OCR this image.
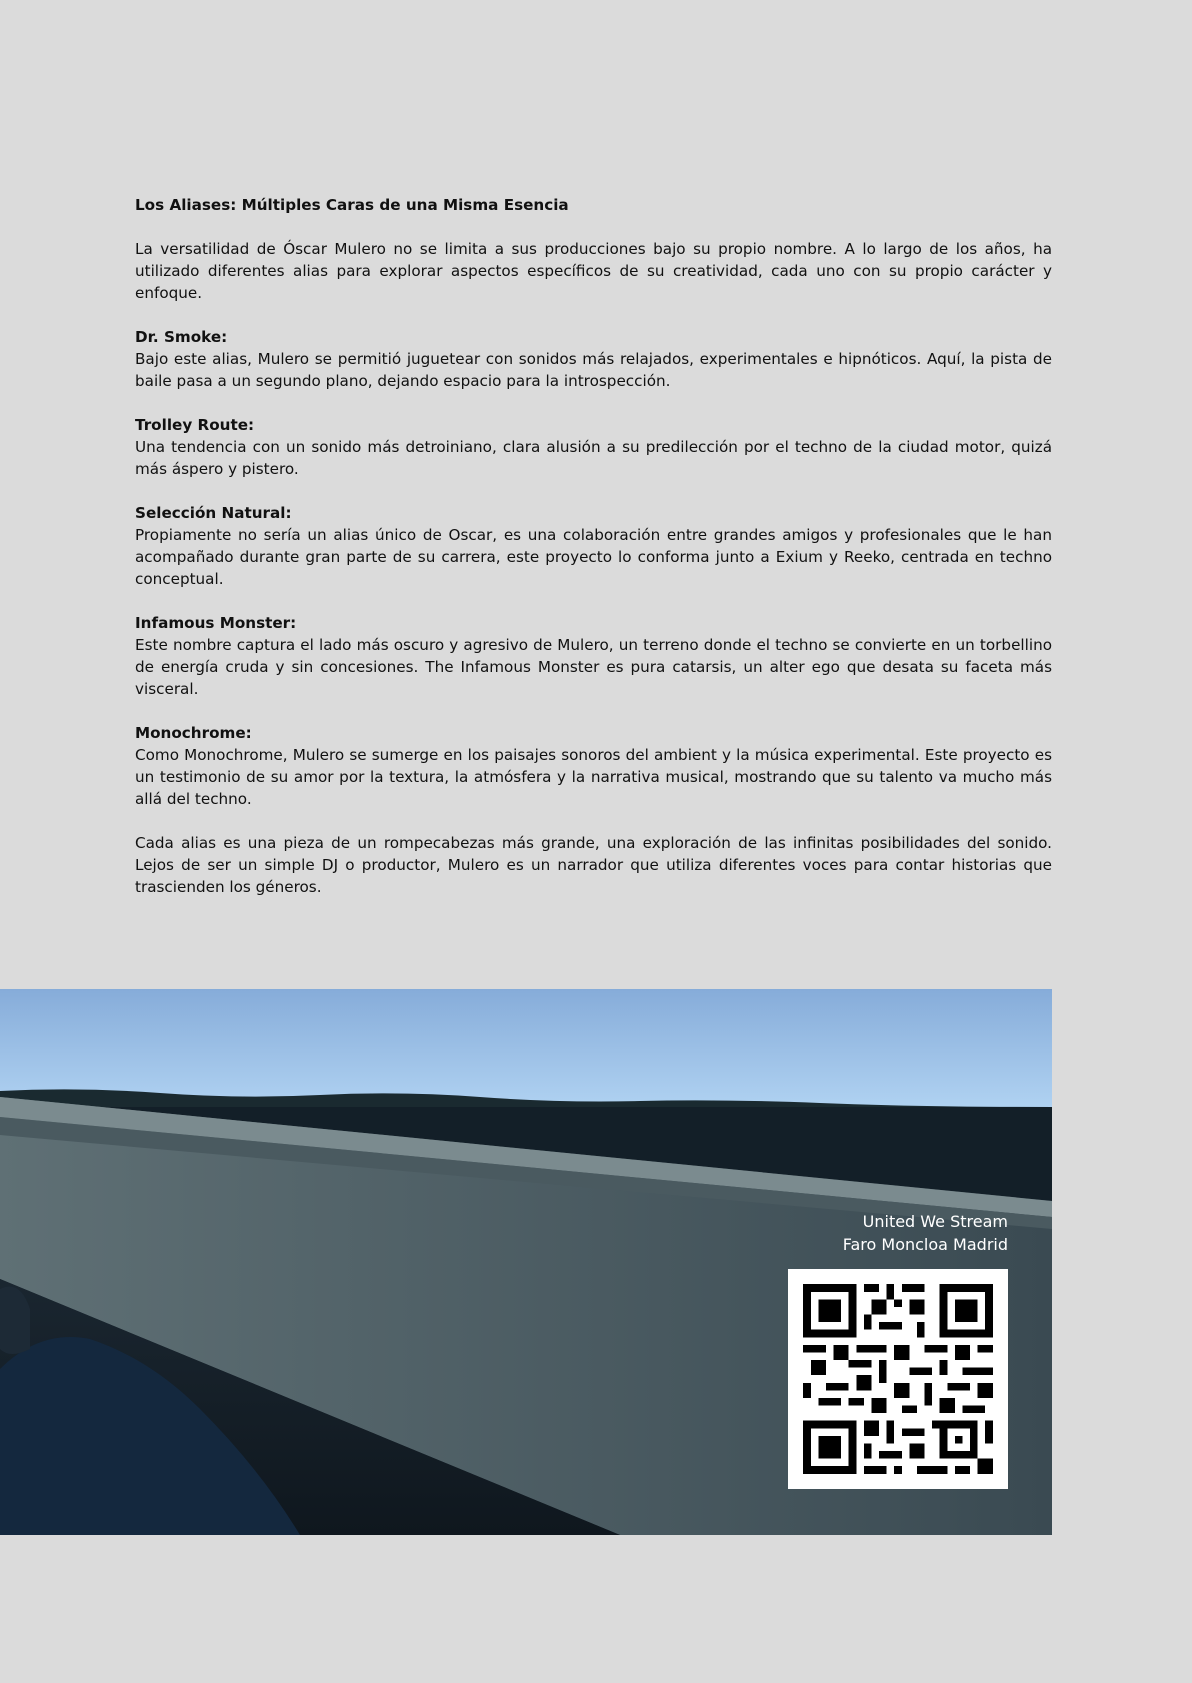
Los Aliases: Múltiples Caras de una Misma Esencia

La versatilidad de Óscar Mulero no se limita a sus producciones bajo su propio nombre. A lo largo de los años, ha utilizado diferentes alias para explorar aspectos específicos de su creatividad, cada uno con su propio carácter y enfoque.

Dr. Smoke:

Bajo este alias, Mulero se permitió juguetear con sonidos más relajados, experimentales e hipnóticos. Aquí, la pista de baile pasa a un segundo plano, dejando espacio para la introspección.

Trolley Route:

Una tendencia con un sonido más detroiniano, clara alusión a su predilección por el techno de la ciudad motor, quizá más áspero y pistero.

Selección Natural:

Propiamente no sería un alias único de Oscar, es una colaboración entre grandes amigos y profesionales que le han acompañado durante gran parte de su carrera, este proyecto lo conforma junto a Exium y Reeko, centrada en techno conceptual.

Infamous Monster:

Este nombre captura el lado más oscuro y agresivo de Mulero, un terreno donde el techno se convierte en un torbellino de energía cruda y sin concesiones. The Infamous Monster es pura catarsis, un alter ego que desata su faceta más visceral.

Monochrome:

Como Monochrome, Mulero se sumerge en los paisajes sonoros del ambient y la música experimental. Este proyecto es un testimonio de su amor por la textura, la atmósfera y la narrativa musical, mostrando que su talento va mucho más allá del techno.

Cada alias es una pieza de un rompecabezas más grande, una exploración de las infinitas posibilidades del sonido. Lejos de ser un simple DJ o productor, Mulero es un narrador que utiliza diferentes voces para contar historias que trascienden los géneros.

United We Stream
Faro Moncloa Madrid
